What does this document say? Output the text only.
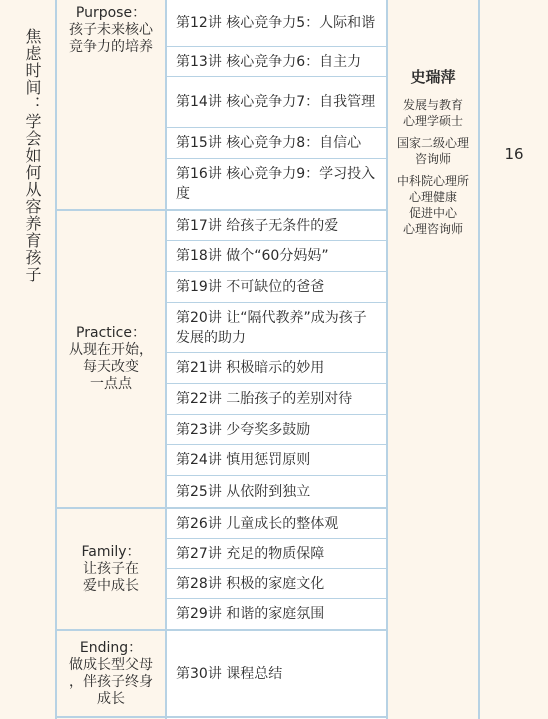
焦虑时间：学会如何从容养育孩子
Purpose：
孩子未来核心
竞争力的培养
Practice：
从现在开始，
每天改变
一点点
Family：
让孩子在
爱中成长
Ending：
做成长型父母
，伴孩子终身
成长
第12讲 核心竞争力5：人际和谐
第13讲 核心竞争力6：自主力
第14讲 核心竞争力7：自我管理
第15讲 核心竞争力8：自信心
第16讲 核心竞争力9：学习投入度
第17讲 给孩子无条件的爱
第18讲 做个“60分妈妈”
第19讲 不可缺位的爸爸
第20讲 让“隔代教养”成为孩子发展的助力
第21讲 积极暗示的妙用
第22讲 二胎孩子的差别对待
第23讲 少夸奖多鼓励
第24讲 慎用惩罚原则
第25讲 从依附到独立
第26讲 儿童成长的整体观
第27讲 充足的物质保障
第28讲 积极的家庭文化
第29讲 和谐的家庭氛围
第30讲 课程总结
史瑞萍
发展与教育
心理学硕士
国家二级心理
咨询师
中科院心理所
心理健康
促进中心
心理咨询师
16
